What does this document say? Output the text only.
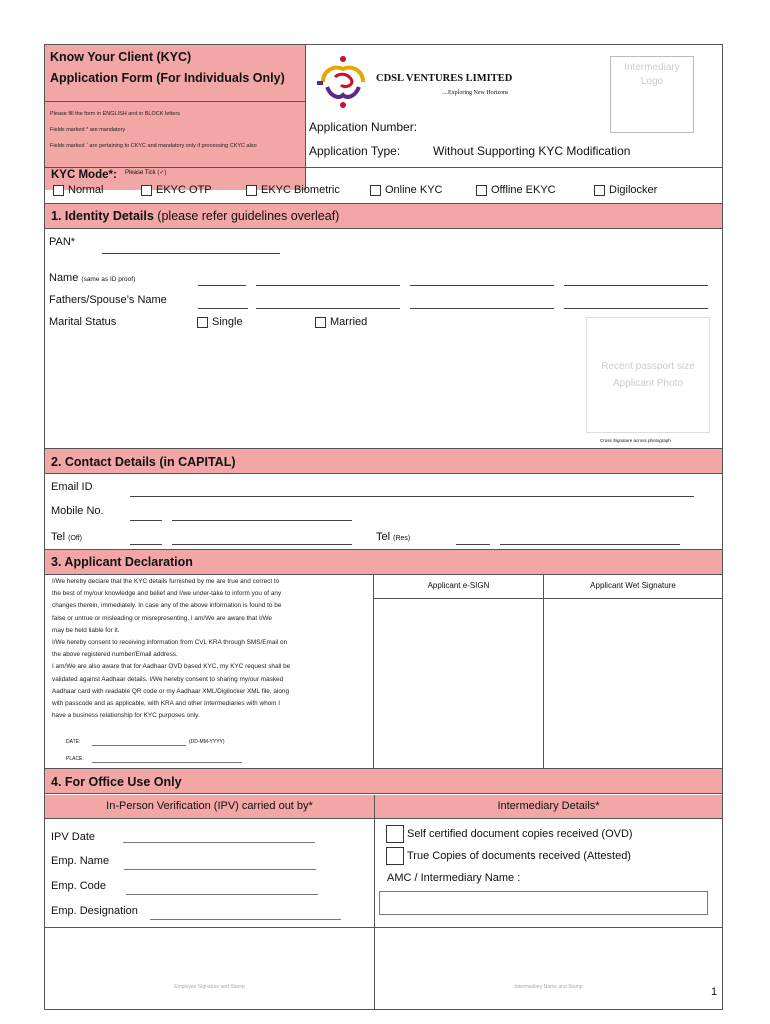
Know Your Client (KYC)
Application Form (For Individuals Only)
Please fill the form in ENGLISH and in BLOCK letters
Fields marked * are mandatory
Fields marked ˆ are pertaining to CKYC and mandatory only if processing CKYC also
CDSL VENTURES LIMITED
....Exploring New Horizons
Intermediary Logo
Application Number:
Application Type:	Without Supporting KYC Modification
KYC Mode*: Please Tick (✓)
Normal	EKYC OTP	EKYC Biometric	Online KYC	Offline EKYC	Digilocker
1. Identity Details (please refer guidelines overleaf)
PAN*
Name (same as ID proof)
Fathers/Spouse’s Name
Marital Status	Single	Married
Recent passport size Applicant Photo
Cross Signature across photograph
2. Contact Details (in CAPITAL)
Email ID
Mobile No.
Tel (Off)	Tel (Res)
3. Applicant Declaration
I/We hereby declare that the KYC details furnished by me are true and correct to
the best of my/our knowledge and belief and I/we under-take to inform you of any
changes therein, immediately. In case any of the above information is found to be
false or untrue or misleading or misrepresenting, I am/We are aware that I/We
may be held liable for it.
I/We hereby consent to receiving information from CVL KRA through SMS/Email on
the above registered number/Email address.
I am/We are also aware that for Aadhaar OVD based KYC, my KYC request shall be
validated against Aadhaar details. I/We hereby consent to sharing my/our masked
Aadhaar card with readable QR code or my Aadhaar XML/Digilocker XML file, along
with passcode and as applicable, with KRA and other Intermediaries with whom I
have a business relationship for KYC purposes only.
DATE:	(DD-MM-YYYY)
PLACE:
Applicant e-SIGN	Applicant Wet Signature
4. For Office Use Only
In-Person Verification (IPV) carried out by*	Intermediary Details*
IPV Date
Emp. Name
Emp. Code
Emp. Designation
Self certified document copies received (OVD)
True Copies of documents received (Attested)
AMC / Intermediary Name :
Employee Signature and Stamp	Intermediary Name and Stamp	1
